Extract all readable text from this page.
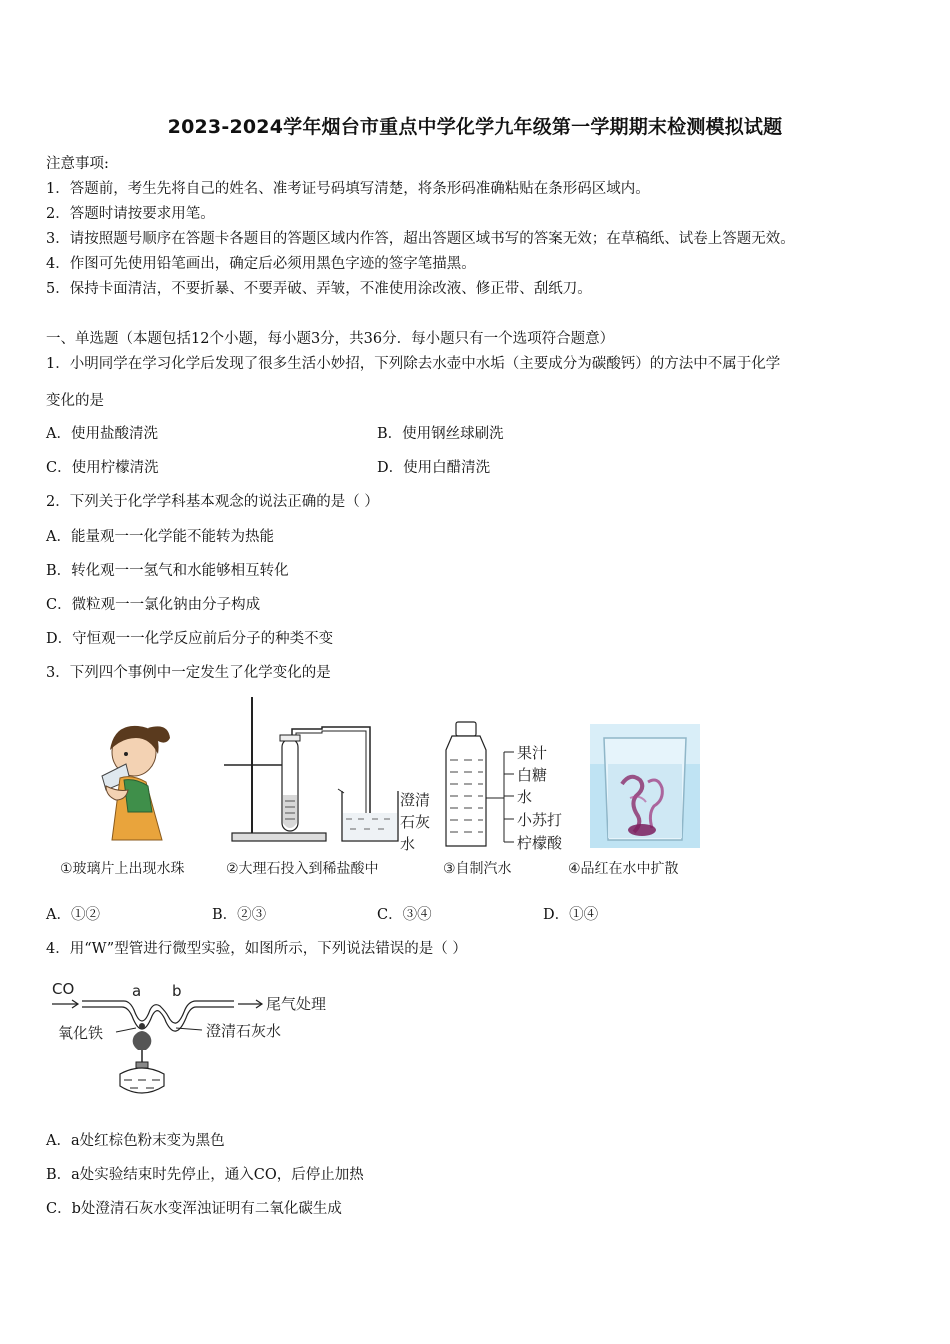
2023-2024学年烟台市重点中学化学九年级第一学期期末检测模拟试题
注意事项:
1．答题前，考生先将自己的姓名、准考证号码填写清楚，将条形码准确粘贴在条形码区域内。
2．答题时请按要求用笔。
3．请按照题号顺序在答题卡各题目的答题区域内作答，超出答题区域书写的答案无效；在草稿纸、试卷上答题无效。
4．作图可先使用铅笔画出，确定后必须用黑色字迹的签字笔描黑。
5．保持卡面清洁，不要折暴、不要弄破、弄皱，不准使用涂改液、修正带、刮纸刀。
一、单选题（本题包括12个小题，每小题3分，共36分．每小题只有一个选项符合题意）
1．小明同学在学习化学后发现了很多生活小妙招，下列除去水壶中水垢（主要成分为碳酸钙）的方法中不属于化学
变化的是
A．使用盐酸清洗	B．使用钢丝球刷洗
C．使用柠檬清洗	D．使用白醋清洗
2．下列关于化学学科基本观念的说法正确的是（ ）
A．能量观一一化学能不能转为热能
B．转化观一一氢气和水能够相互转化
C．微粒观一一氯化钠由分子构成
D．守恒观一一化学反应前后分子的种类不变
3．下列四个事例中一定发生了化学变化的是
澄清
石灰
水
果汁
白糖
水
小苏打
柠檬酸
①玻璃片上出现水珠	②大理石投入到稀盐酸中	③自制汽水	④品红在水中扩散
A．①②	B．②③	C．③④	D．①④
4．用“W”型管进行微型实验，如图所示，下列说法错误的是（ ）
CO	a b
尾气处理
氧化铁	澄清石灰水
A．a处红棕色粉末变为黑色
B．a处实验结束时先停止，通入CO，后停止加热
C．b处澄清石灰水变浑浊证明有二氧化碳生成
